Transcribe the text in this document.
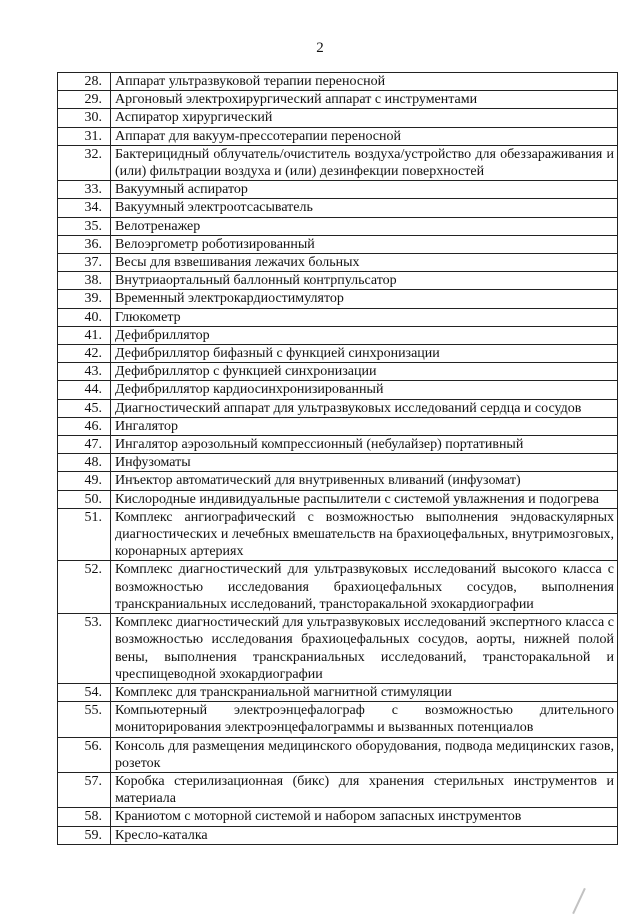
2
28.	Аппарат ультразвуковой терапии переносной
29.	Аргоновый электрохирургический аппарат с инструментами
30.	Аспиратор хирургический
31.	Аппарат для вакуум-прессотерапии переносной
32.	Бактерицидный облучатель/очиститель воздуха/устройство для обеззараживания и (или) фильтрации воздуха и (или) дезинфекции поверхностей
33.	Вакуумный аспиратор
34.	Вакуумный электроотсасыватель
35.	Велотренажер
36.	Велоэргометр роботизированный
37.	Весы для взвешивания лежачих больных
38.	Внутриаортальный баллонный контрпульсатор
39.	Временный электрокардиостимулятор
40.	Глюкометр
41.	Дефибриллятор
42.	Дефибриллятор бифазный с функцией синхронизации
43.	Дефибриллятор с функцией синхронизации
44.	Дефибриллятор кардиосинхронизированный
45.	Диагностический аппарат для ультразвуковых исследований сердца и сосудов
46.	Ингалятор
47.	Ингалятор аэрозольный компрессионный (небулайзер) портативный
48.	Инфузоматы
49.	Инъектор автоматический для внутривенных вливаний (инфузомат)
50.	Кислородные индивидуальные распылители с системой увлажнения и подогрева
51.	Комплекс ангиографический с возможностью выполнения эндоваскулярных диагностических и лечебных вмешательств на брахиоцефальных, внутримозговых, коронарных артериях
52.	Комплекс диагностический для ультразвуковых исследований высокого класса с возможностью исследования брахиоцефальных сосудов, выполнения транскраниальных исследований, трансторакальной эхокардиографии
53.	Комплекс диагностический для ультразвуковых исследований экспертного класса с возможностью исследования брахиоцефальных сосудов, аорты, нижней полой вены, выполнения транскраниальных исследований, трансторакальной и чреспищеводной эхокардиографии
54.	Комплекс для транскраниальной магнитной стимуляции
55.	Компьютерный электроэнцефалограф с возможностью длительного мониторирования электроэнцефалограммы и вызванных потенциалов
56.	Консоль для размещения медицинского оборудования, подвода медицинских газов, розеток
57.	Коробка стерилизационная (бикс) для хранения стерильных инструментов и материала
58.	Краниотом с моторной системой и набором запасных инструментов
59.	Кресло-каталка
